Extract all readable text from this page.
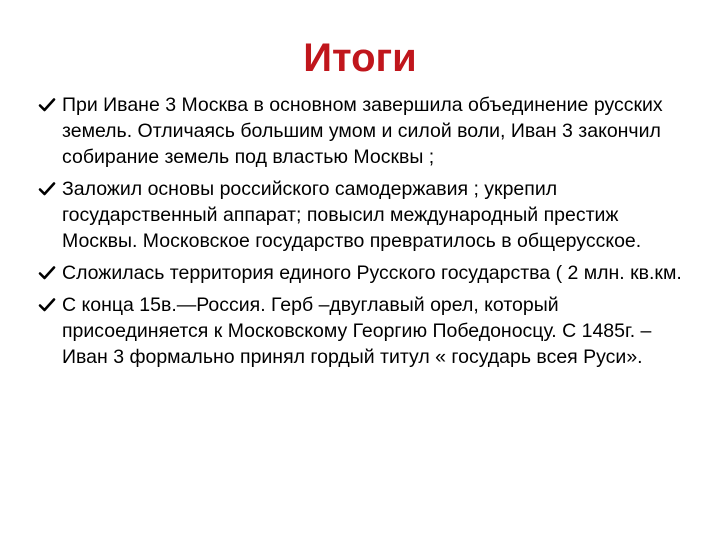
Итоги
При Иване 3 Москва в основном завершила объединение русских земель. Отличаясь большим умом и силой воли, Иван 3 закончил собирание земель под властью Москвы ;
Заложил основы российского самодержавия ; укрепил государственный аппарат; повысил международный престиж Москвы. Московское государство превратилось в общерусское.
Сложилась территория единого Русского государства ( 2 млн. кв.км.
С конца 15в.—Россия. Герб –двуглавый орел, который присоединяется к Московскому Георгию Победоносцу. С 1485г. – Иван 3 формально принял гордый титул « государь всея Руси».
